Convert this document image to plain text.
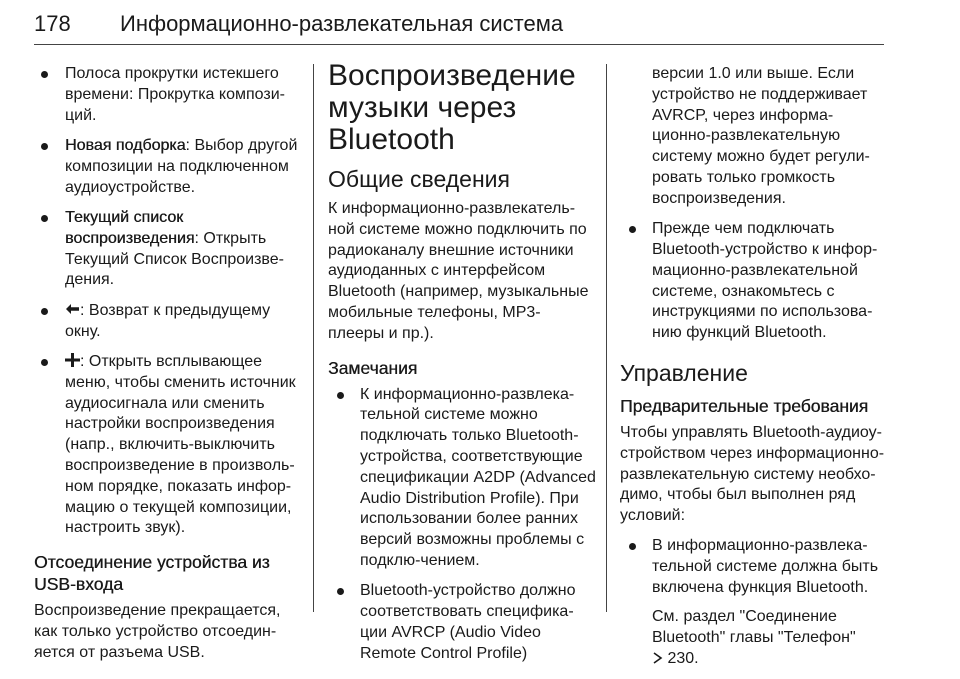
178 Информационно-развлекательная система
Полоса прокрутки истекшего времени: Прокрутка компози-ций.
Новая подборка: Выбор другой композиции на подключенном аудиоустройстве.
Текущий список воспроизведения: Открыть Текущий Список Воспроизве-дения.
: Возврат к предыдущему окну.
: Открыть всплывающее меню, чтобы сменить источник аудиосигнала или сменить настройки воспроизведения (напр., включить-выключить воспроизведение в произволь-ном порядке, показать инфор-мацию о текущей композиции, настроить звук).
Отсоединение устройства из USB-входа

Воспроизведение прекращается, как только устройство отсоедин-яется от разъема USB.

Воспроизведение музыки через Bluetooth
Общие сведения

К информационно-развлекатель-ной системе можно подключить по радиоканалу внешние источники аудиоданных с интерфейсом Bluetooth (например, музыкальные мобильные телефоны, MP3-плееры и пр.).

Замечания
К информационно-развлека-тельной системе можно подключать только Bluetooth-устройства, соответствующие спецификации A2DP (Advanced Audio Distribution Profile). При использовании более ранних версий возможны проблемы с подклю-чением.
Bluetooth-устройство должно соответствовать специфика-ции AVRCP (Audio Video Remote Control Profile)
версии 1.0 или выше. Если устройство не поддерживает AVRCP, через информа-ционно-развлекательную систему можно будет регули-ровать только громкость воспроизведения.
Прежде чем подключать Bluetooth-устройство к инфор-мационно-развлекательной системе, ознакомьтесь с инструкциями по использова-нию функций Bluetooth.
Управление
Предварительные требования

Чтобы управлять Bluetooth-аудиоу-стройством через информационно-развлекательную систему необхо-димо, чтобы был выполнен ряд условий:

В информационно-развлека-тельной системе должна быть включена функция Bluetooth.
См. раздел "Соединение Bluetooth" главы "Телефон"
230.
